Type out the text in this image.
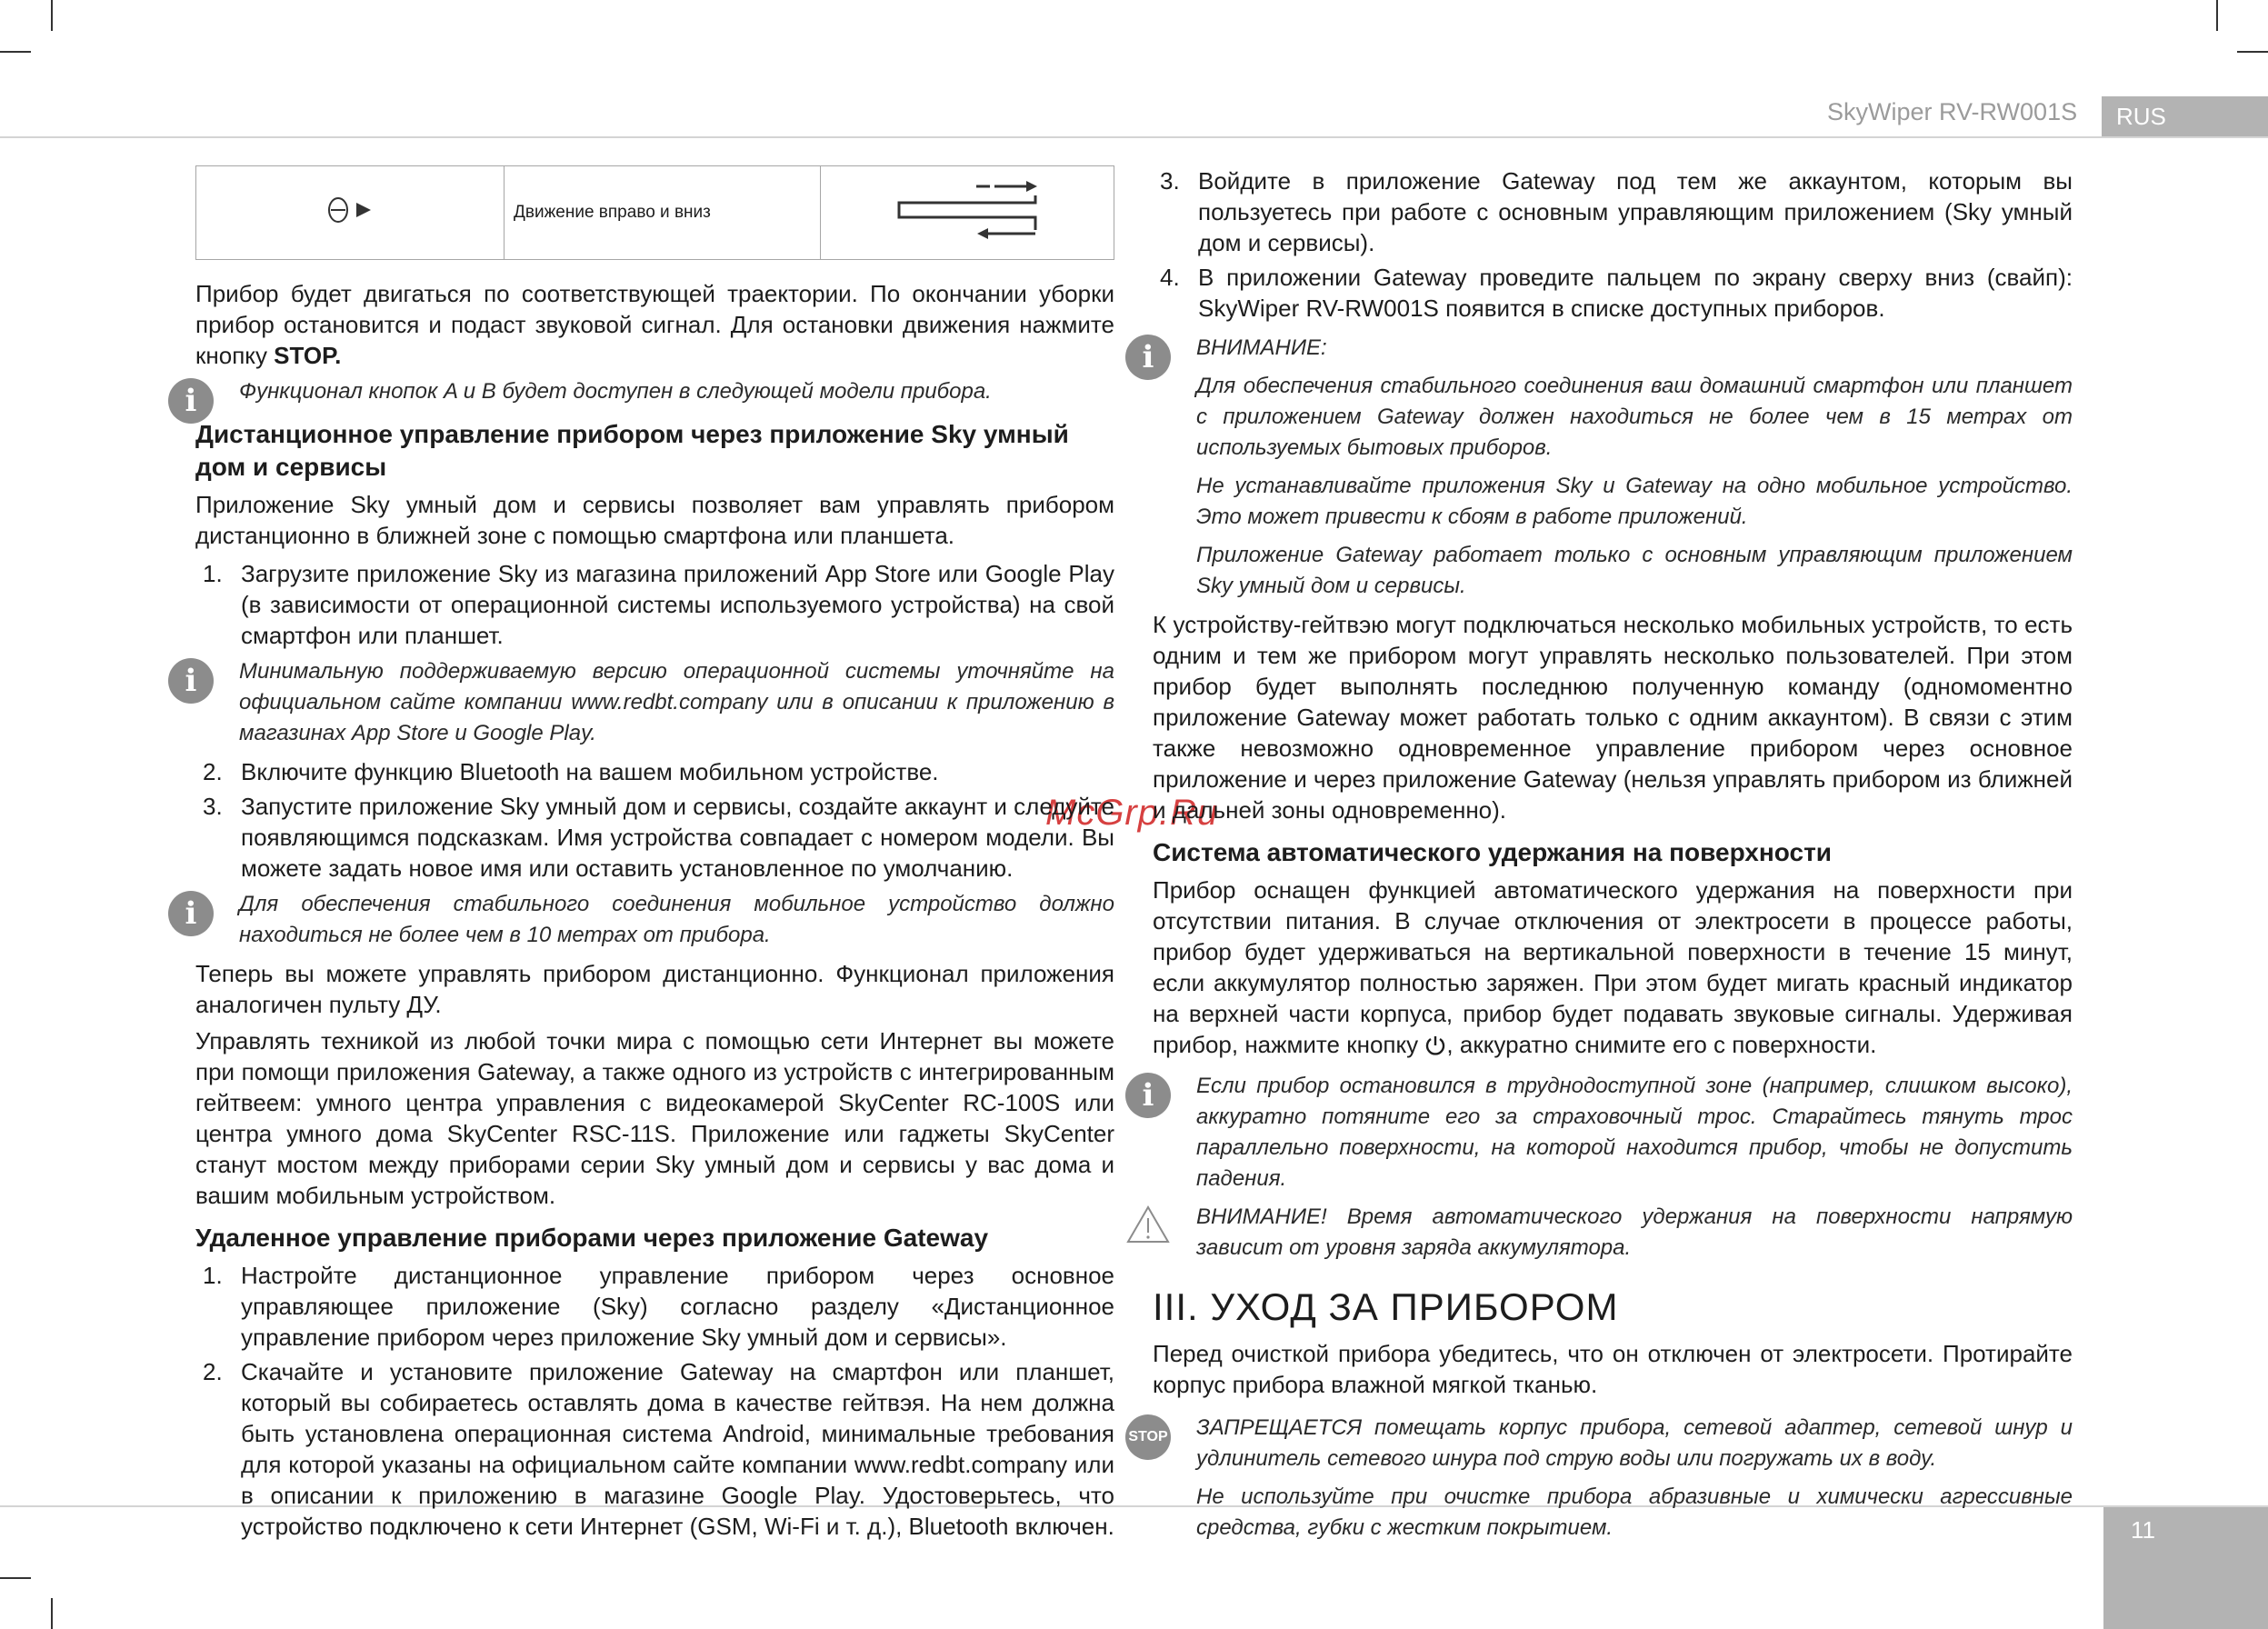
SkyWiper RV-RW001S	RUS
11
McGrp.Ru
	Движение вправо и вниз	

Прибор будет двигаться по соответствующей траектории. По окончании уборки прибор остановится и подаст звуковой сигнал. Для остановки движения нажмите кнопку STOP.

i	Функционал кнопок A и B будет доступен в следующей модели прибора.

Дистанционное управление прибором через приложение Sky умный дом и сервисы

Приложение Sky умный дом и сервисы позволяет вам управлять прибором дистанционно в ближней зоне с помощью смартфона или планшета.

1. Загрузите приложение Sky из магазина приложений App Store или Google Play (в зависимости от операционной системы используемого устройства) на свой смартфон или планшет.
i	Минимальную поддерживаемую версию операционной системы уточняйте на официальном сайте компании www.redbt.company или в описании к приложению в магазинах App Store и Google Play.

2. Включите функцию Bluetooth на вашем мобильном устройстве.
3. Запустите приложение Sky умный дом и сервисы, создайте аккаунт и следуйте появляющимся подсказкам. Имя устройства совпадает с номером модели. Вы можете задать новое имя или оставить установленное по умолчанию.
i	Для обеспечения стабильного соединения мобильное устройство должно находиться не более чем в 10 метрах от прибора.

Теперь вы можете управлять прибором дистанционно. Функционал приложения аналогичен пульту ДУ.

Управлять техникой из любой точки мира с помощью сети Интернет вы можете при помощи приложения Gateway, а также одного из устройств с интегрированным гейтвеем: умного центра управления с видеокамерой SkyCenter RC-100S или центра умного дома SkyCenter RSC-11S. Приложение или гаджеты SkyCenter станут мостом между приборами серии Sky умный дом и сервисы у вас дома и вашим мобильным устройством.

Удаленное управление приборами через приложение Gateway
1. Настройте дистанционное управление прибором через основное управляющее приложение (Sky) согласно разделу «Дистанционное управление прибором через приложение Sky умный дом и сервисы».
2. Скачайте и установите приложение Gateway на смартфон или планшет, который вы собираетесь оставлять дома в качестве гейтвэя. На нем должна быть установлена операционная система Android, минимальные требования для которой указаны на официальном сайте компании www.redbt.company или в описании к приложению в магазине Google Play. Удостоверьтесь, что устройство подключено к сети Интернет (GSM, Wi-Fi и т. д.), Bluetooth включен.
3. Войдите в приложение Gateway под тем же аккаунтом, которым вы пользуетесь при работе с основным управляющим приложением (Sky умный дом и сервисы).
4. В приложении Gateway проведите пальцем по экрану сверху вниз (свайп): SkyWiper RV-RW001S появится в списке доступных приборов.
i	ВНИМАНИЕ:

Для обеспечения стабильного соединения ваш домашний смартфон или планшет с приложением Gateway должен находиться не более чем в 15 метрах от используемых бытовых приборов.

Не устанавливайте приложения Sky и Gateway на одно мобильное устройство. Это может привести к сбоям в работе приложений.

Приложение Gateway работает только с основным управляющим приложением Sky умный дом и сервисы.

К устройству-гейтвэю могут подключаться несколько мобильных устройств, то есть одним и тем же прибором могут управлять несколько пользователей. При этом прибор будет выполнять последнюю полученную команду (одномоментно приложение Gateway может работать только с одним аккаунтом). В связи с этим также невозможно одновременное управление прибором через основное приложение и через приложение Gateway (нельзя управлять прибором из ближней и дальней зоны одновременно).

Система автоматического удержания на поверхности

Прибор оснащен функцией автоматического удержания на поверхности при отсутствии питания. В случае отключения от электросети в процессе работы, прибор будет удерживаться на вертикальной поверхности в течение 15 минут, если аккумулятор полностью заряжен. При этом будет мигать красный индикатор на верхней части корпуса, прибор будет подавать звуковые сигналы. Удерживая прибор, нажмите кнопку , аккуратно снимите его с поверхности.

i	Если прибор остановился в труднодоступной зоне (например, слишком высоко), аккуратно потяните его за страховочный трос. Старайтесь тянуть трос параллельно поверхности, на которой находится прибор, чтобы не допустить падения.

ВНИМАНИЕ! Время автоматического удержания на поверхности напрямую зависит от уровня заряда аккумулятора.

III. УХОД ЗА ПРИБОРОМ

Перед очисткой прибора убедитесь, что он отключен от электросети. Протирайте корпус прибора влажной мягкой тканью.

STOP ЗАПРЕЩАЕТСЯ помещать корпус прибора, сетевой адаптер, сетевой шнур и удлинитель сетевого шнура под струю воды или погружать их в воду.

Не используйте при очистке прибора абразивные и химически агрессивные средства, губки с жестким покрытием.
